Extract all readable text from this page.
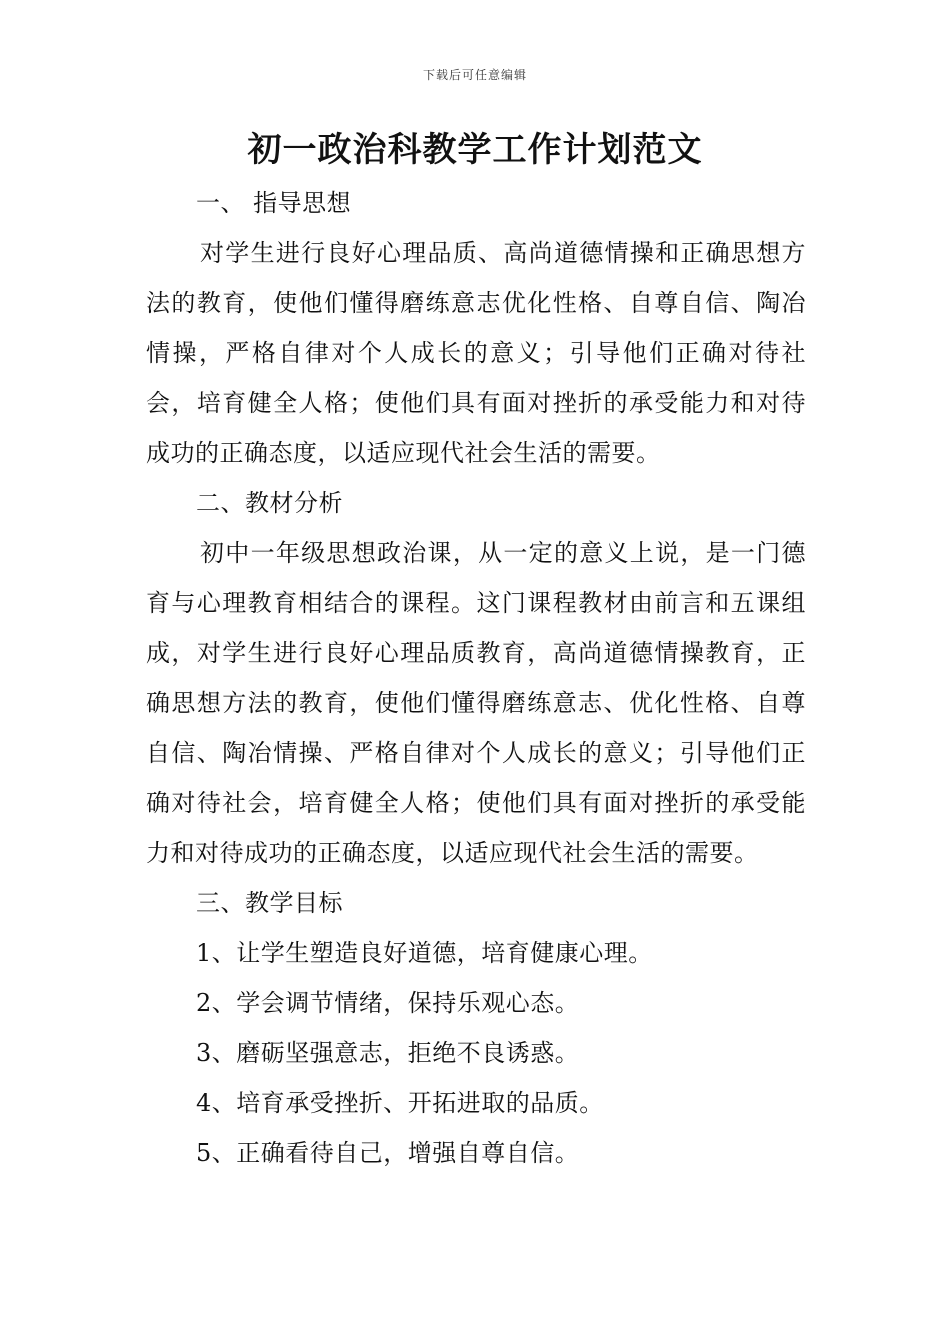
下载后可任意编辑
初一政治科教学工作计划范文

一、 指导思想

对学生进行良好心理品质、高尚道德情操和正确思想方法的教育，使他们懂得磨练意志优化性格、自尊自信、陶冶情操，严格自律对个人成长的意义；引导他们正确对待社会，培育健全人格；使他们具有面对挫折的承受能力和对待成功的正确态度，以适应现代社会生活的需要。

二、教材分析

初中一年级思想政治课，从一定的意义上说，是一门德育与心理教育相结合的课程。这门课程教材由前言和五课组成，对学生进行良好心理品质教育，高尚道德情操教育，正确思想方法的教育，使他们懂得磨练意志、优化性格、自尊自信、陶冶情操、严格自律对个人成长的意义；引导他们正确对待社会，培育健全人格；使他们具有面对挫折的承受能力和对待成功的正确态度，以适应现代社会生活的需要。

三、教学目标

1、让学生塑造良好道德，培育健康心理。

2、学会调节情绪，保持乐观心态。

3、磨砺坚强意志，拒绝不良诱惑。

4、培育承受挫折、开拓进取的品质。

5、正确看待自己，增强自尊自信。
